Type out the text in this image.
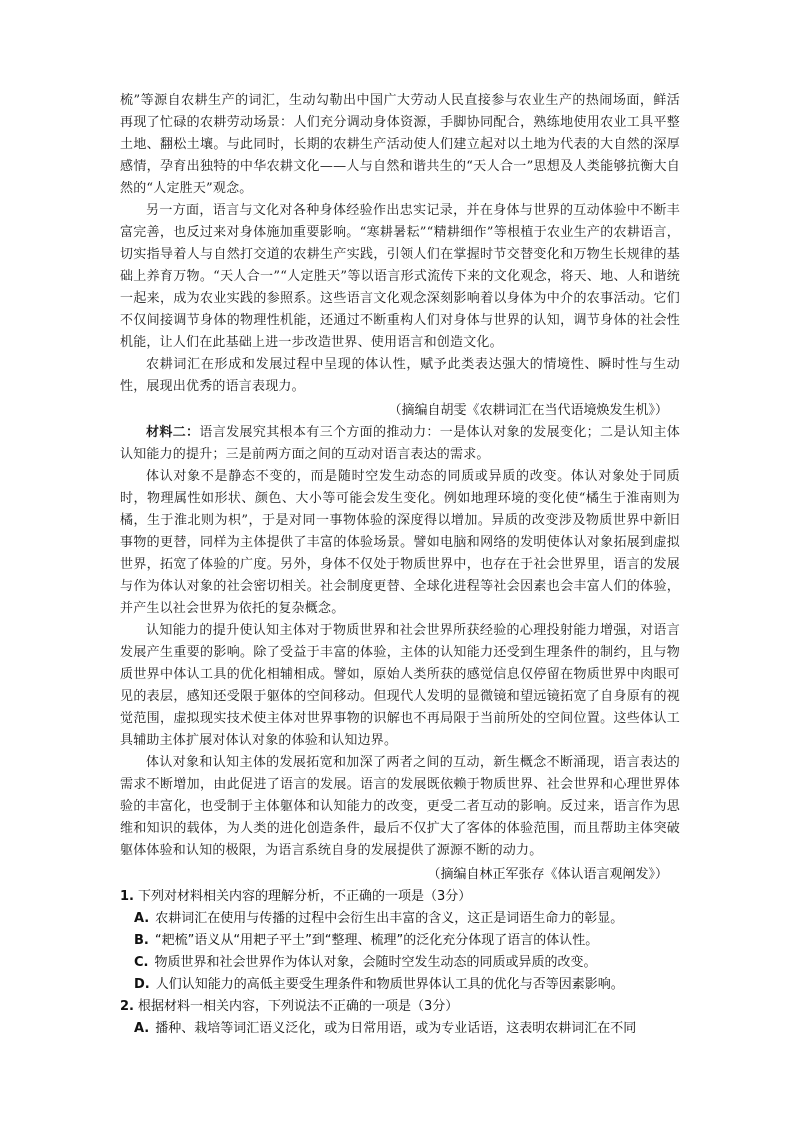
梳”等源自农耕生产的词汇，生动勾勒出中国广大劳动人民直接参与农业生产的热闹场面，鲜活再现了忙碌的农耕劳动场景：人们充分调动身体资源，手脚协同配合，熟练地使用农业工具平整土地、翻松土壤。与此同时，长期的农耕生产活动使人们建立起对以土地为代表的大自然的深厚感情，孕育出独特的中华农耕文化——人与自然和谐共生的“天人合一”思想及人类能够抗衡大自然的“人定胜天”观念。

另一方面，语言与文化对各种身体经验作出忠实记录，并在身体与世界的互动体验中不断丰富完善，也反过来对身体施加重要影响。“寒耕暑耘”“精耕细作”等根植于农业生产的农耕语言，切实指导着人与自然打交道的农耕生产实践，引领人们在掌握时节交替变化和万物生长规律的基础上养育万物。“天人合一”“人定胜天”等以语言形式流传下来的文化观念，将天、地、人和谐统一起来，成为农业实践的参照系。这些语言文化观念深刻影响着以身体为中介的农事活动。它们不仅间接调节身体的物理性机能，还通过不断重构人们对身体与世界的认知，调节身体的社会性机能，让人们在此基础上进一步改造世界、使用语言和创造文化。

农耕词汇在形成和发展过程中呈现的体认性，赋予此类表达强大的情境性、瞬时性与生动性，展现出优秀的语言表现力。

（摘编自胡雯《农耕词汇在当代语境焕发生机》）

材料二：语言发展究其根本有三个方面的推动力：一是体认对象的发展变化；二是认知主体认知能力的提升；三是前两方面之间的互动对语言表达的需求。

体认对象不是静态不变的，而是随时空发生动态的同质或异质的改变。体认对象处于同质时，物理属性如形状、颜色、大小等可能会发生变化。例如地理环境的变化使“橘生于淮南则为橘，生于淮北则为枳”，于是对同一事物体验的深度得以增加。异质的改变涉及物质世界中新旧事物的更替，同样为主体提供了丰富的体验场景。譬如电脑和网络的发明使体认对象拓展到虚拟世界，拓宽了体验的广度。另外，身体不仅处于物质世界中，也存在于社会世界里，语言的发展与作为体认对象的社会密切相关。社会制度更替、全球化进程等社会因素也会丰富人们的体验，并产生以社会世界为依托的复杂概念。

认知能力的提升使认知主体对于物质世界和社会世界所获经验的心理投射能力增强，对语言发展产生重要的影响。除了受益于丰富的体验，主体的认知能力还受到生理条件的制约，且与物质世界中体认工具的优化相辅相成。譬如，原始人类所获的感觉信息仅停留在物质世界中肉眼可见的表层，感知还受限于躯体的空间移动。但现代人发明的显微镜和望远镜拓宽了自身原有的视觉范围，虚拟现实技术使主体对世界事物的识解也不再局限于当前所处的空间位置。这些体认工具辅助主体扩展对体认对象的体验和认知边界。

体认对象和认知主体的发展拓宽和加深了两者之间的互动，新生概念不断涌现，语言表达的需求不断增加，由此促进了语言的发展。语言的发展既依赖于物质世界、社会世界和心理世界体验的丰富化，也受制于主体躯体和认知能力的改变，更受二者互动的影响。反过来，语言作为思维和知识的载体，为人类的进化创造条件，最后不仅扩大了客体的体验范围，而且帮助主体突破躯体体验和认知的极限，为语言系统自身的发展提供了源源不断的动力。

（摘编自林正军张存《体认语言观阐发》）

1. 下列对材料相关内容的理解分析，不正确的一项是（3分）

A. 农耕词汇在使用与传播的过程中会衍生出丰富的含义，这正是词语生命力的彰显。

B. “耙梳”语义从“用耙子平土”到“整理、梳理”的泛化充分体现了语言的体认性。

C. 物质世界和社会世界作为体认对象，会随时空发生动态的同质或异质的改变。

D. 人们认知能力的高低主要受生理条件和物质世界体认工具的优化与否等因素影响。

2. 根据材料一相关内容，下列说法不正确的一项是（3分）

A. 播种、栽培等词汇语义泛化，或为日常用语，或为专业话语，这表明农耕词汇在不同
